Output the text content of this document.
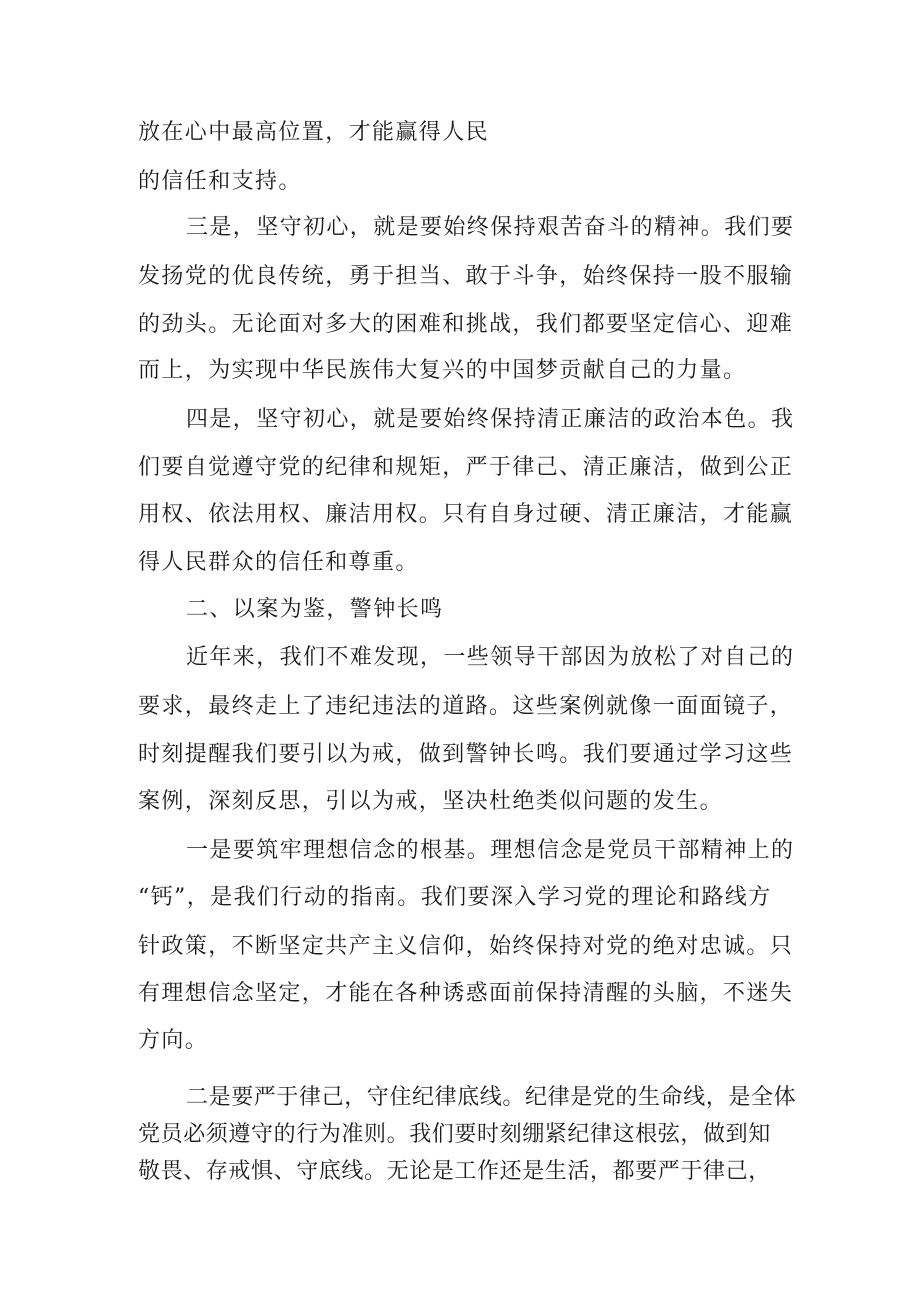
放在心中最高位置，才能赢得人民

的信任和支持。

三是，坚守初心，就是要始终保持艰苦奋斗的精神。我们要

发扬党的优良传统，勇于担当、敢于斗争，始终保持一股不服输

的劲头。无论面对多大的困难和挑战，我们都要坚定信心、迎难

而上，为实现中华民族伟大复兴的中国梦贡献自己的力量。

四是，坚守初心，就是要始终保持清正廉洁的政治本色。我

们要自觉遵守党的纪律和规矩，严于律己、清正廉洁，做到公正

用权、依法用权、廉洁用权。只有自身过硬、清正廉洁，才能赢

得人民群众的信任和尊重。

二、以案为鉴，警钟长鸣

近年来，我们不难发现，一些领导干部因为放松了对自己的

要求，最终走上了违纪违法的道路。这些案例就像一面面镜子，

时刻提醒我们要引以为戒，做到警钟长鸣。我们要通过学习这些

案例，深刻反思，引以为戒，坚决杜绝类似问题的发生。

一是要筑牢理想信念的根基。理想信念是党员干部精神上的

“钙”，是我们行动的指南。我们要深入学习党的理论和路线方

针政策，不断坚定共产主义信仰，始终保持对党的绝对忠诚。只

有理想信念坚定，才能在各种诱惑面前保持清醒的头脑，不迷失

方向。

二是要严于律己，守住纪律底线。纪律是党的生命线，是全体

党员必须遵守的行为准则。我们要时刻绷紧纪律这根弦，做到知

敬畏、存戒惧、守底线。无论是工作还是生活，都要严于律己，
